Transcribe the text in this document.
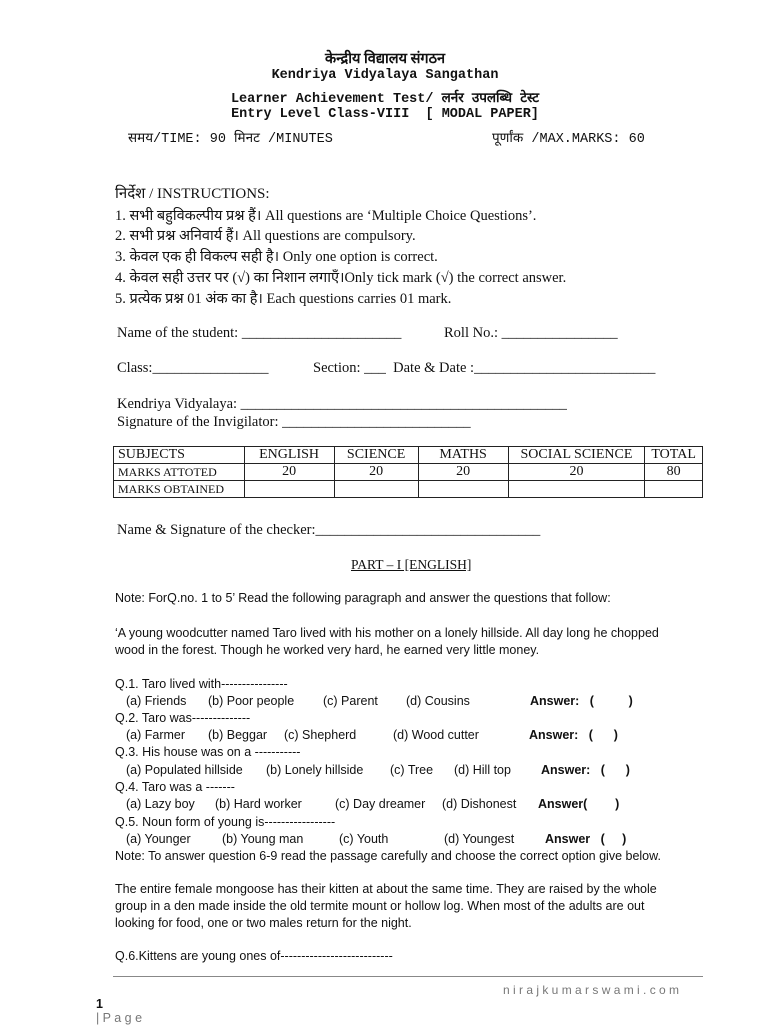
केन्द्रीय विद्यालय संगठन
Kendriya Vidyalaya Sangathan
Learner Achievement Test/ लर्नर उपलब्धि टेस्ट
Entry Level Class-VIII  [ MODAL PAPER]
समय/TIME: 90 मिनट /MINUTES	पूर्णांक /MAX.MARKS: 60
निर्देश / INSTRUCTIONS:
1. सभी बहुविकल्पीय प्रश्न हैं। All questions are ‘Multiple Choice Questions’.
2. सभी प्रश्न अनिवार्य हैं। All questions are compulsory.
3. केवल एक ही विकल्प सही है। Only one option is correct.
4. केवल सही उत्तर पर (√) का निशान लगाएँ।Only tick mark (√) the correct answer.
5. प्रत्येक प्रश्न 01 अंक का है। Each questions carries 01 mark.
Name of the student: ______________________	Roll No.: ________________
Class:________________	Section: ___  Date & Date :_________________________
Kendriya Vidyalaya: _____________________________________________
Signature of the Invigilator: __________________________
SUBJECTS	ENGLISH	SCIENCE	MATHS	SOCIAL SCIENCE	TOTAL
MARKS ATTOTED	20	20	20	20	80
MARKS OBTAINED					
Name & Signature of the checker:_______________________________
PART – I [ENGLISH]
Note: ForQ.no. 1 to 5’ Read the following paragraph and answer the questions that follow:
‘A young woodcutter named Taro lived with his mother on a lonely hillside. All day long he chopped
wood in the forest. Though he worked very hard, he earned very little money.
Q.1. Taro lived with----------------
(a) Friends (b) Poor people (c) Parent (d) Cousins	Answer:   (          )
Q.2. Taro was--------------
(a) Farmer (b) Beggar (c) Shepherd	(d) Wood cutter	Answer:   (      )
Q.3. His house was on a -----------
(a) Populated hillside (b) Lonely hillside (c) Tree (d) Hill top Answer:   (      )
Q.4. Taro was a -------
(a) Lazy boy (b) Hard worker	(c) Day dreamer (d) Dishonest Answer(        )
Q.5. Noun form of young is-----------------
(a) Younger	(b) Young man	(c) Youth	(d) Youngest Answer   (     )
Note: To answer question 6-9 read the passage carefully and choose the correct option give below.
The entire female mongoose has their kitten at about the same time. They are raised by the whole
group in a den made inside the old termite mount or hollow log. When most of the adults are out
looking for food, one or two males return for the night.
Q.6.Kittens are young ones of---------------------------

1
| P a g e

n i r a j k u m a r s w a m i . c o m
